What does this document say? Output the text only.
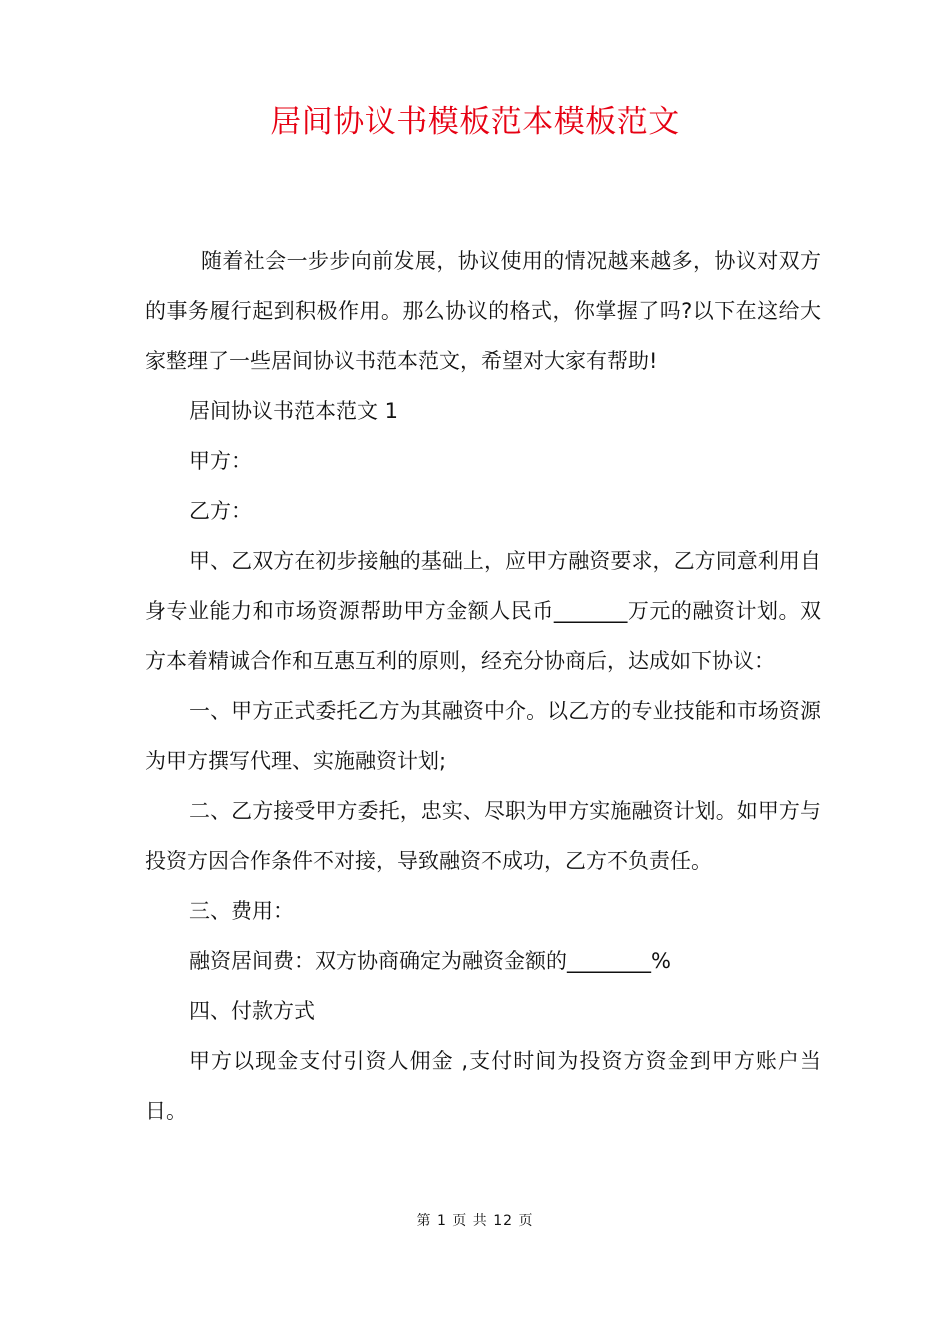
居间协议书模板范本模板范文

随着社会一步步向前发展，协议使用的情况越来越多，协议对双方的事务履行起到积极作用。那么协议的格式，你掌握了吗?以下在这给大家整理了一些居间协议书范本范文，希望对大家有帮助!

居间协议书范本范文 1

甲方：

乙方：

甲、乙双方在初步接触的基础上，应甲方融资要求，乙方同意利用自身专业能力和市场资源帮助甲方金额人民币_______万元的融资计划。双方本着精诚合作和互惠互利的原则，经充分协商后，达成如下协议：

一、甲方正式委托乙方为其融资中介。以乙方的专业技能和市场资源为甲方撰写代理、实施融资计划;

二、乙方接受甲方委托，忠实、尽职为甲方实施融资计划。如甲方与投资方因合作条件不对接，导致融资不成功，乙方不负责任。

三、费用：

融资居间费：双方协商确定为融资金额的________%

四、付款方式

甲方以现金支付引资人佣金 ,支付时间为投资方资金到甲方账户当日。

第 1 页 共 12 页
